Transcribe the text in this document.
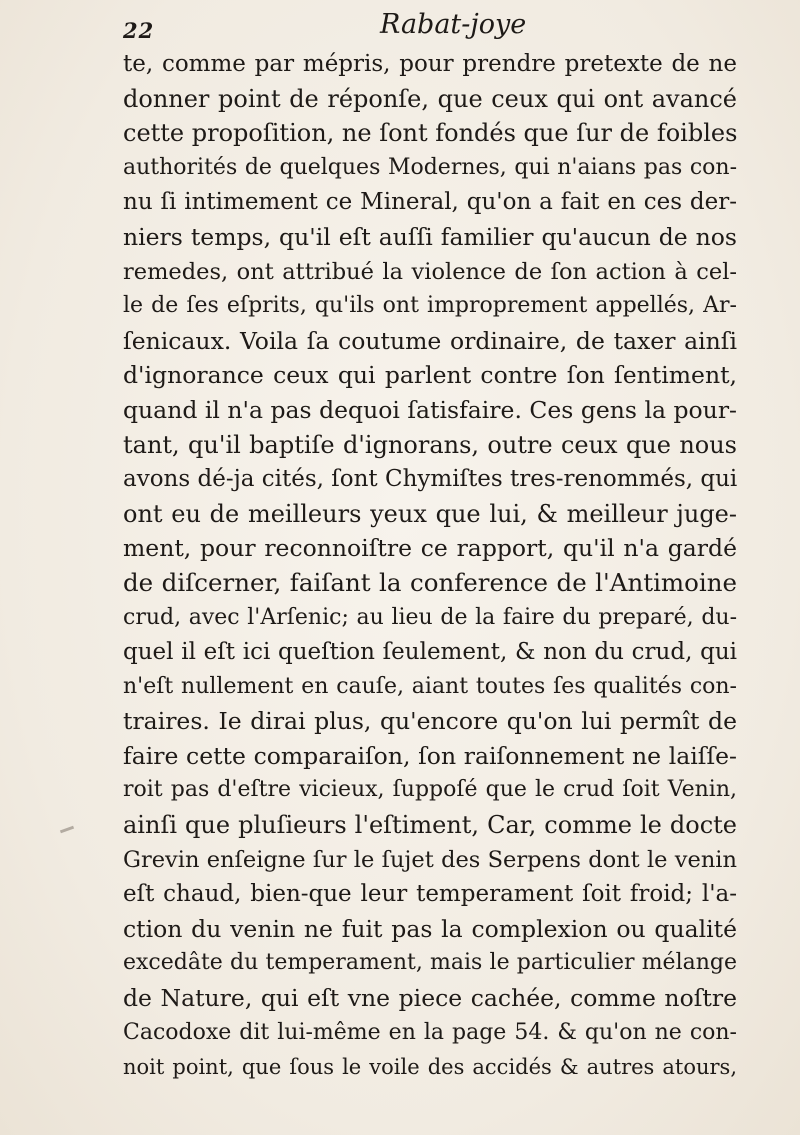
22	Rabat-joye
te, comme par mépris, pour prendre pretexte de ne
donner point de réponſe, que ceux qui ont avancé
cette propoſition, ne ſont fondés que ſur de foibles
authorités de quelques Modernes, qui n'aians pas con-
nu ſi intimement ce Mineral, qu'on a fait en ces der-
niers temps, qu'il eſt auſſi familier qu'aucun de nos
remedes, ont attribué la violence de ſon action à cel-
le de ſes eſprits, qu'ils ont improprement appellés, Ar-
ſenicaux. Voila ſa coutume ordinaire, de taxer ainſi
d'ignorance ceux qui parlent contre ſon ſentiment,
quand il n'a pas dequoi ſatisfaire. Ces gens la pour-
tant, qu'il baptiſe d'ignorans, outre ceux que nous
avons dé-ja cités, ſont Chymiſtes tres-renommés, qui
ont eu de meilleurs yeux que lui, & meilleur juge-
ment, pour reconnoiſtre ce rapport, qu'il n'a gardé
de diſcerner, faiſant la conference de l'Antimoine
crud, avec l'Arſenic; au lieu de la faire du preparé, du-
quel il eſt ici queſtion ſeulement, & non du crud, qui
n'eſt nullement en cauſe, aiant toutes ſes qualités con-
traires. Ie dirai plus, qu'encore qu'on lui permît de
faire cette comparaiſon, ſon raiſonnement ne laiſſe-
roit pas d'eſtre vicieux, ſuppoſé que le crud ſoit Venin,
ainſi que pluſieurs l'eſtiment, Car, comme le docte
Grevin enſeigne ſur le ſujet des Serpens dont le venin
eſt chaud, bien-que leur temperament ſoit froid; l'a-
ction du venin ne fuit pas la complexion ou qualité
excedâte du temperament, mais le particulier mélange
de Nature, qui eſt vne piece cachée, comme noſtre
Cacodoxe dit lui-même en la page 54. & qu'on ne con-
noit point, que ſous le voile des accidés & autres atours,
